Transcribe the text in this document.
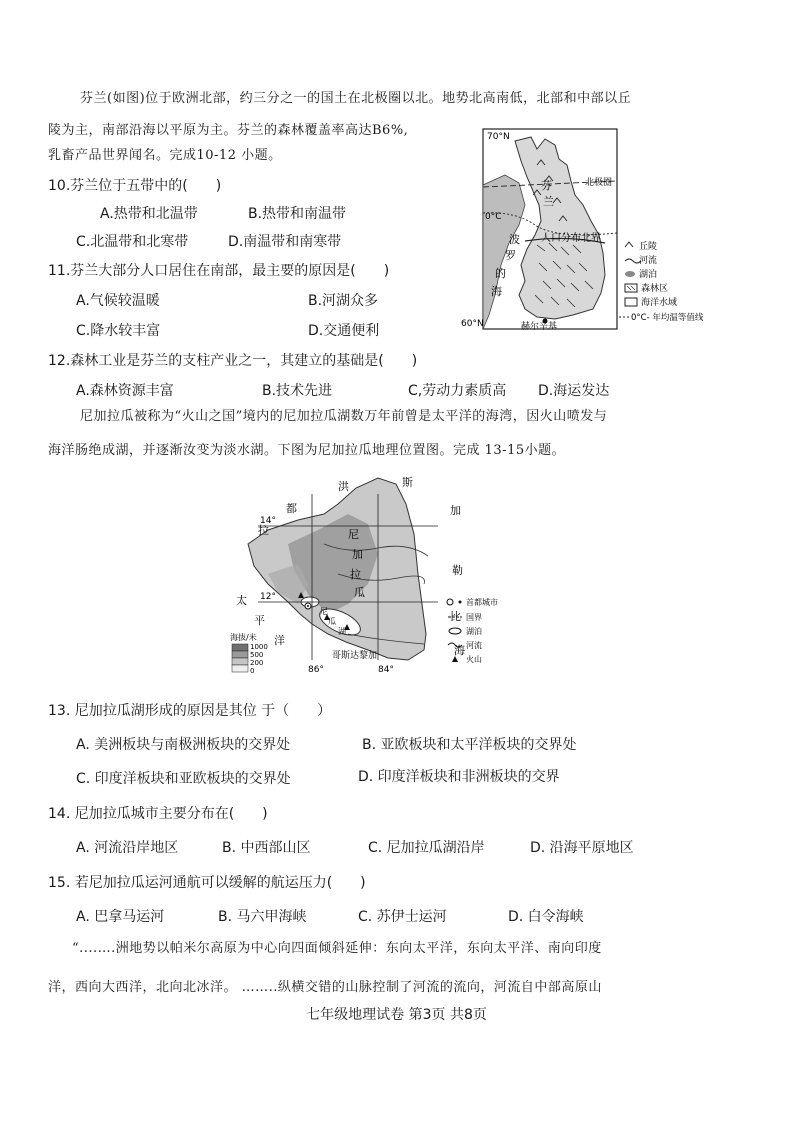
芬兰(如图)位于欧洲北部，约三分之一的国土在北极圈以北。地势北高南低，北部和中部以丘
陵为主，南部沿海以平原为主。芬兰的森林覆盖率高达B6%,
乳畜产品世界闻名。完成10-12 小题。
10.芬兰位于五带中的(　　)
A.热带和北温带	B.热带和南温带
C.北温带和北寒带	D.南温带和南寒带
11.芬兰大部分人口居住在南部，最主要的原因是(　　)
A.气候较温暖	B.河湖众多
C.降水较丰富	D.交通便利
12.森林工业是芬兰的支柱产业之一，其建立的基础是(　　)
A.森林资源丰富	B.技术先进	C,劳动力素质高 D.海运发达
北极圈
0°C
人口分布北界
70°N
60°N
芬
兰
波
罗
的
海
赫尔辛基
丘陵
河流
湖泊
森林区
海洋水域
0°C- 年均温等值线
尼加拉瓜被称为“火山之国”境内的尼加拉瓜湖数万年前曾是太平洋的海湾，因火山喷发与
海洋肠绝成湖，并逐渐汝变为淡水湖。下图为尼加拉瓜地理位置图。完成 13-15小题。
14°
12°
86°	84°
洪
都
拉
斯
尼
加
拉
瓜
太
平
洋
加
勒
比
海
哥斯达黎加
尼
瓜
湖
海拔/米
1000
500
200
0
首都城市
国界
湖泊
河流
火山
13. 尼加拉瓜湖形成的原因是其位 于（　　）
A. 美洲板块与南极洲板块的交界处	B. 亚欧板块和太平洋板块的交界处
C. 印度洋板块和亚欧板块的交界处	D. 印度洋板块和非洲板块的交界
14. 尼加拉瓜城市主要分布在(　　)
A. 河流沿岸地区	B. 中西部山区	C. 尼加拉瓜湖沿岸	D. 沿海平原地区
15. 若尼加拉瓜运河通航可以缓解的航运压力(　　)
A. 巴拿马运河	B. 马六甲海峡	C. 苏伊士运河	D. 白令海峡
“....….洲地势以帕米尔高原为中心向四面倾斜延伸：东向太平洋，东向太平洋、南向印度
洋，西向大西洋，北向北冰洋。 ……..纵横交错的山脉控制了河流的流向，河流自中部高原山
七年级地理试卷 第3页 共8页
